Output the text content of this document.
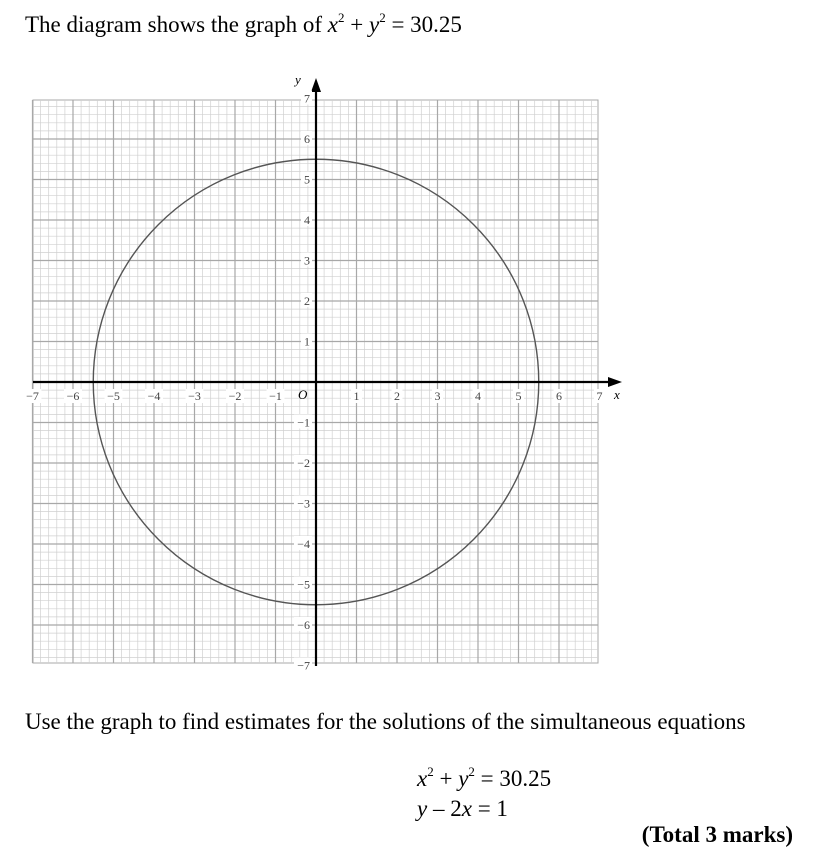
The diagram shows the graph of $x^2 + y^2 = 30.25$
x
y
O
−7 −6 −5 −4 −3 −2 −1	1	2	3	4	5	6	7
7
6
5
4
3
2
1
−1
−2
−3
−4
−5
−6
−7
Use the graph to find estimates for the solutions of the simultaneous equations
$x^2 + y^2 = 30.25$
y – 2x = 1
(Total 3 marks)
